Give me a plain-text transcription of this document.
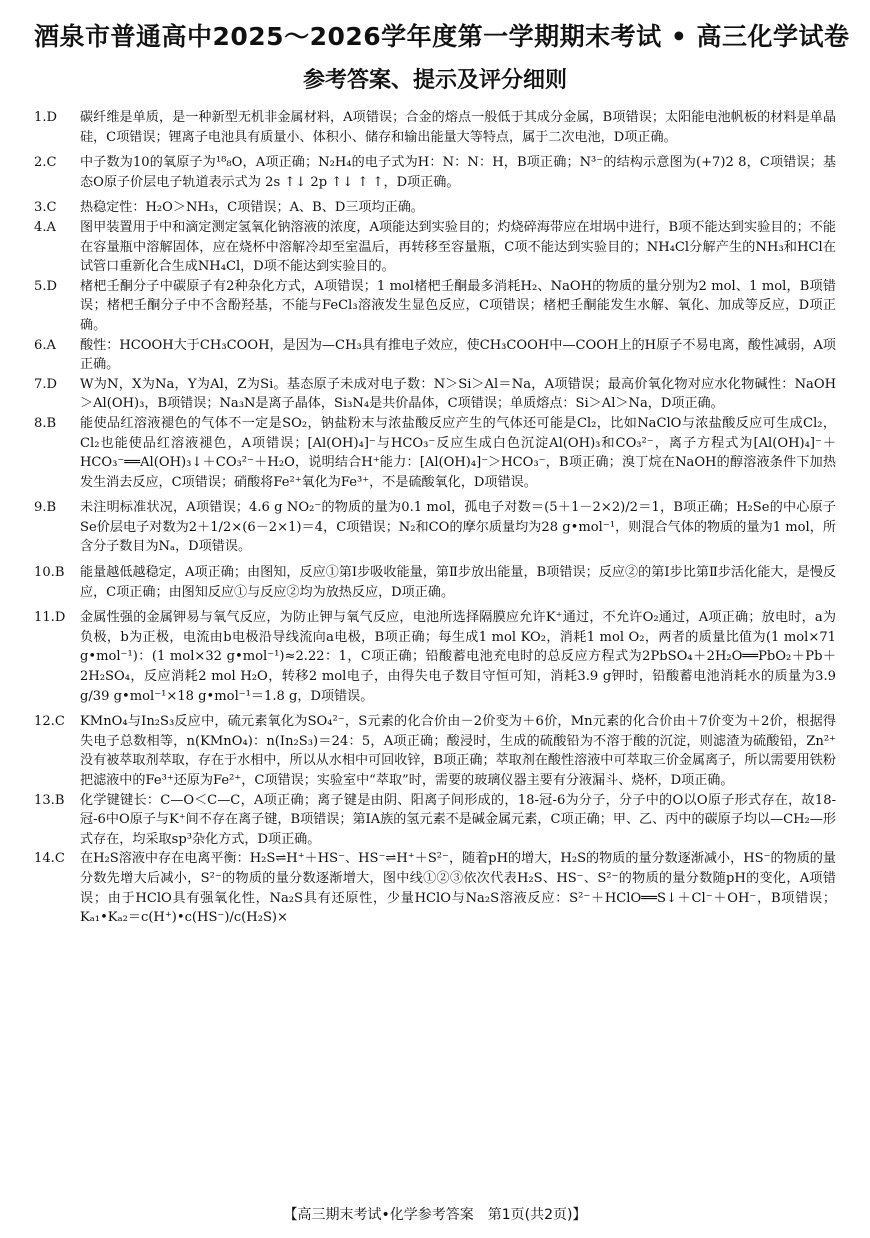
酒泉市普通高中2025～2026学年度第一学期期末考试 • 高三化学试卷
参考答案、提示及评分细则
1.D	碳纤维是单质，是一种新型无机非金属材料，A项错误；合金的熔点一般低于其成分金属，B项错误；太阳能电池帆板的材料是单晶硅，C项错误；锂离子电池具有质量小、体积小、储存和输出能量大等特点，属于二次电池，D项正确。
2.C	中子数为10的氧原子为¹⁸₈O，A项正确；N₂H₄的电子式为H：N：N：H，B项正确；N³⁻的结构示意图为(+7)2 8，C项错误；基态O原子价层电子轨道表示式为 2s ↑↓ 2p ↑↓ ↑ ↑，D项正确。
3.C	热稳定性：H₂O＞NH₃，C项错误；A、B、D三项均正确。
4.A	图甲装置用于中和滴定测定氢氧化钠溶液的浓度，A项能达到实验目的；灼烧碎海带应在坩埚中进行，B项不能达到实验目的；不能在容量瓶中溶解固体，应在烧杯中溶解冷却至室温后，再转移至容量瓶，C项不能达到实验目的；NH₄Cl分解产生的NH₃和HCl在试管口重新化合生成NH₄Cl，D项不能达到实验目的。
5.D	楮杷壬酮分子中碳原子有2种杂化方式，A项错误；1 mol楮杷壬酮最多消耗H₂、NaOH的物质的量分别为2 mol、1 mol，B项错误；楮杷壬酮分子中不含酚羟基，不能与FeCl₃溶液发生显色反应，C项错误；楮杷壬酮能发生水解、氧化、加成等反应，D项正确。
6.A	酸性：HCOOH大于CH₃COOH，是因为—CH₃具有推电子效应，使CH₃COOH中—COOH上的H原子不易电离，酸性减弱，A项正确。
7.D	W为N，X为Na，Y为Al，Z为Si。基态原子未成对电子数：N＞Si＞Al＝Na，A项错误；最高价氧化物对应水化物碱性：NaOH＞Al(OH)₃，B项错误；Na₃N是离子晶体，Si₃N₄是共价晶体，C项错误；单质熔点：Si＞Al＞Na，D项正确。
8.B	能使品红溶液褪色的气体不一定是SO₂，钠盐粉末与浓盐酸反应产生的气体还可能是Cl₂，比如NaClO与浓盐酸反应可生成Cl₂，Cl₂也能使品红溶液褪色，A项错误；[Al(OH)₄]⁻与HCO₃⁻反应生成白色沉淀Al(OH)₃和CO₃²⁻，离子方程式为[Al(OH)₄]⁻＋HCO₃⁻══Al(OH)₃↓＋CO₃²⁻＋H₂O，说明结合H⁺能力：[Al(OH)₄]⁻＞HCO₃⁻，B项正确；溴丁烷在NaOH的醇溶液条件下加热发生消去反应，C项错误；硝酸将Fe²⁺氧化为Fe³⁺，不是硫酸氧化，D项错误。
9.B	未注明标准状况，A项错误；4.6 g NO₂⁻的物质的量为0.1 mol，孤电子对数＝(5＋1－2×2)/2＝1，B项正确；H₂Se的中心原子Se价层电子对数为2＋1/2×(6－2×1)＝4，C项错误；N₂和CO的摩尔质量均为28 g•mol⁻¹，则混合气体的物质的量为1 mol，所含分子数目为Nₐ，D项错误。
10.B	能量越低越稳定，A项正确；由图知，反应①第Ⅰ步吸收能量，第Ⅱ步放出能量，B项错误；反应②的第Ⅰ步比第Ⅱ步活化能大，是慢反应，C项正确；由图知反应①与反应②均为放热反应，D项正确。
11.D	金属性强的金属钾易与氧气反应，为防止钾与氧气反应，电池所选择隔膜应允许K⁺通过，不允许O₂通过，A项正确；放电时，a为负极，b为正极，电流由b电极沿导线流向a电极，B项正确；每生成1 mol KO₂，消耗1 mol O₂，两者的质量比值为(1 mol×71 g•mol⁻¹)：(1 mol×32 g•mol⁻¹)≈2.22：1，C项正确；铅酸蓄电池充电时的总反应方程式为2PbSO₄＋2H₂O══PbO₂＋Pb＋2H₂SO₄，反应消耗2 mol H₂O，转移2 mol电子，由得失电子数目守恒可知，消耗3.9 g钾时，铅酸蓄电池消耗水的质量为3.9 g/39 g•mol⁻¹×18 g•mol⁻¹＝1.8 g，D项错误。
12.C	KMnO₄与In₂S₃反应中，硫元素氧化为SO₄²⁻，S元素的化合价由－2价变为＋6价，Mn元素的化合价由＋7价变为＋2价，根据得失电子总数相等，n(KMnO₄)：n(In₂S₃)＝24：5，A项正确；酸浸时，生成的硫酸铅为不溶于酸的沉淀，则滤渣为硫酸铅，Zn²⁺没有被萃取剂萃取，存在于水相中，所以从水相中可回收锌，B项正确；萃取剂在酸性溶液中可萃取三价金属离子，所以需要用铁粉把滤液中的Fe³⁺还原为Fe²⁺，C项错误；实验室中“萃取”时，需要的玻璃仪器主要有分液漏斗、烧杯，D项正确。
13.B	化学键键长：C—O＜C—C，A项正确；离子键是由阴、阳离子间形成的，18-冠-6为分子，分子中的O以O原子形式存在，故18-冠-6中O原子与K⁺间不存在离子键，B项错误；第ⅠA族的氢元素不是碱金属元素，C项正确；甲、乙、丙中的碳原子均以—CH₂—形式存在，均采取sp³杂化方式，D项正确。
14.C	在H₂S溶液中存在电离平衡：H₂S⇌H⁺＋HS⁻、HS⁻⇌H⁺＋S²⁻，随着pH的增大，H₂S的物质的量分数逐渐减小，HS⁻的物质的量分数先增大后减小，S²⁻的物质的量分数逐渐增大，图中线①②③依次代表H₂S、HS⁻、S²⁻的物质的量分数随pH的变化，A项错误；由于HClO具有强氧化性，Na₂S具有还原性，少量HClO与Na₂S溶液反应：S²⁻＋HClO══S↓＋Cl⁻＋OH⁻，B项错误；Kₐ₁•Kₐ₂＝c(H⁺)•c(HS⁻)/c(H₂S)×
【高三期末考试•化学参考答案　第1页(共2页)】
